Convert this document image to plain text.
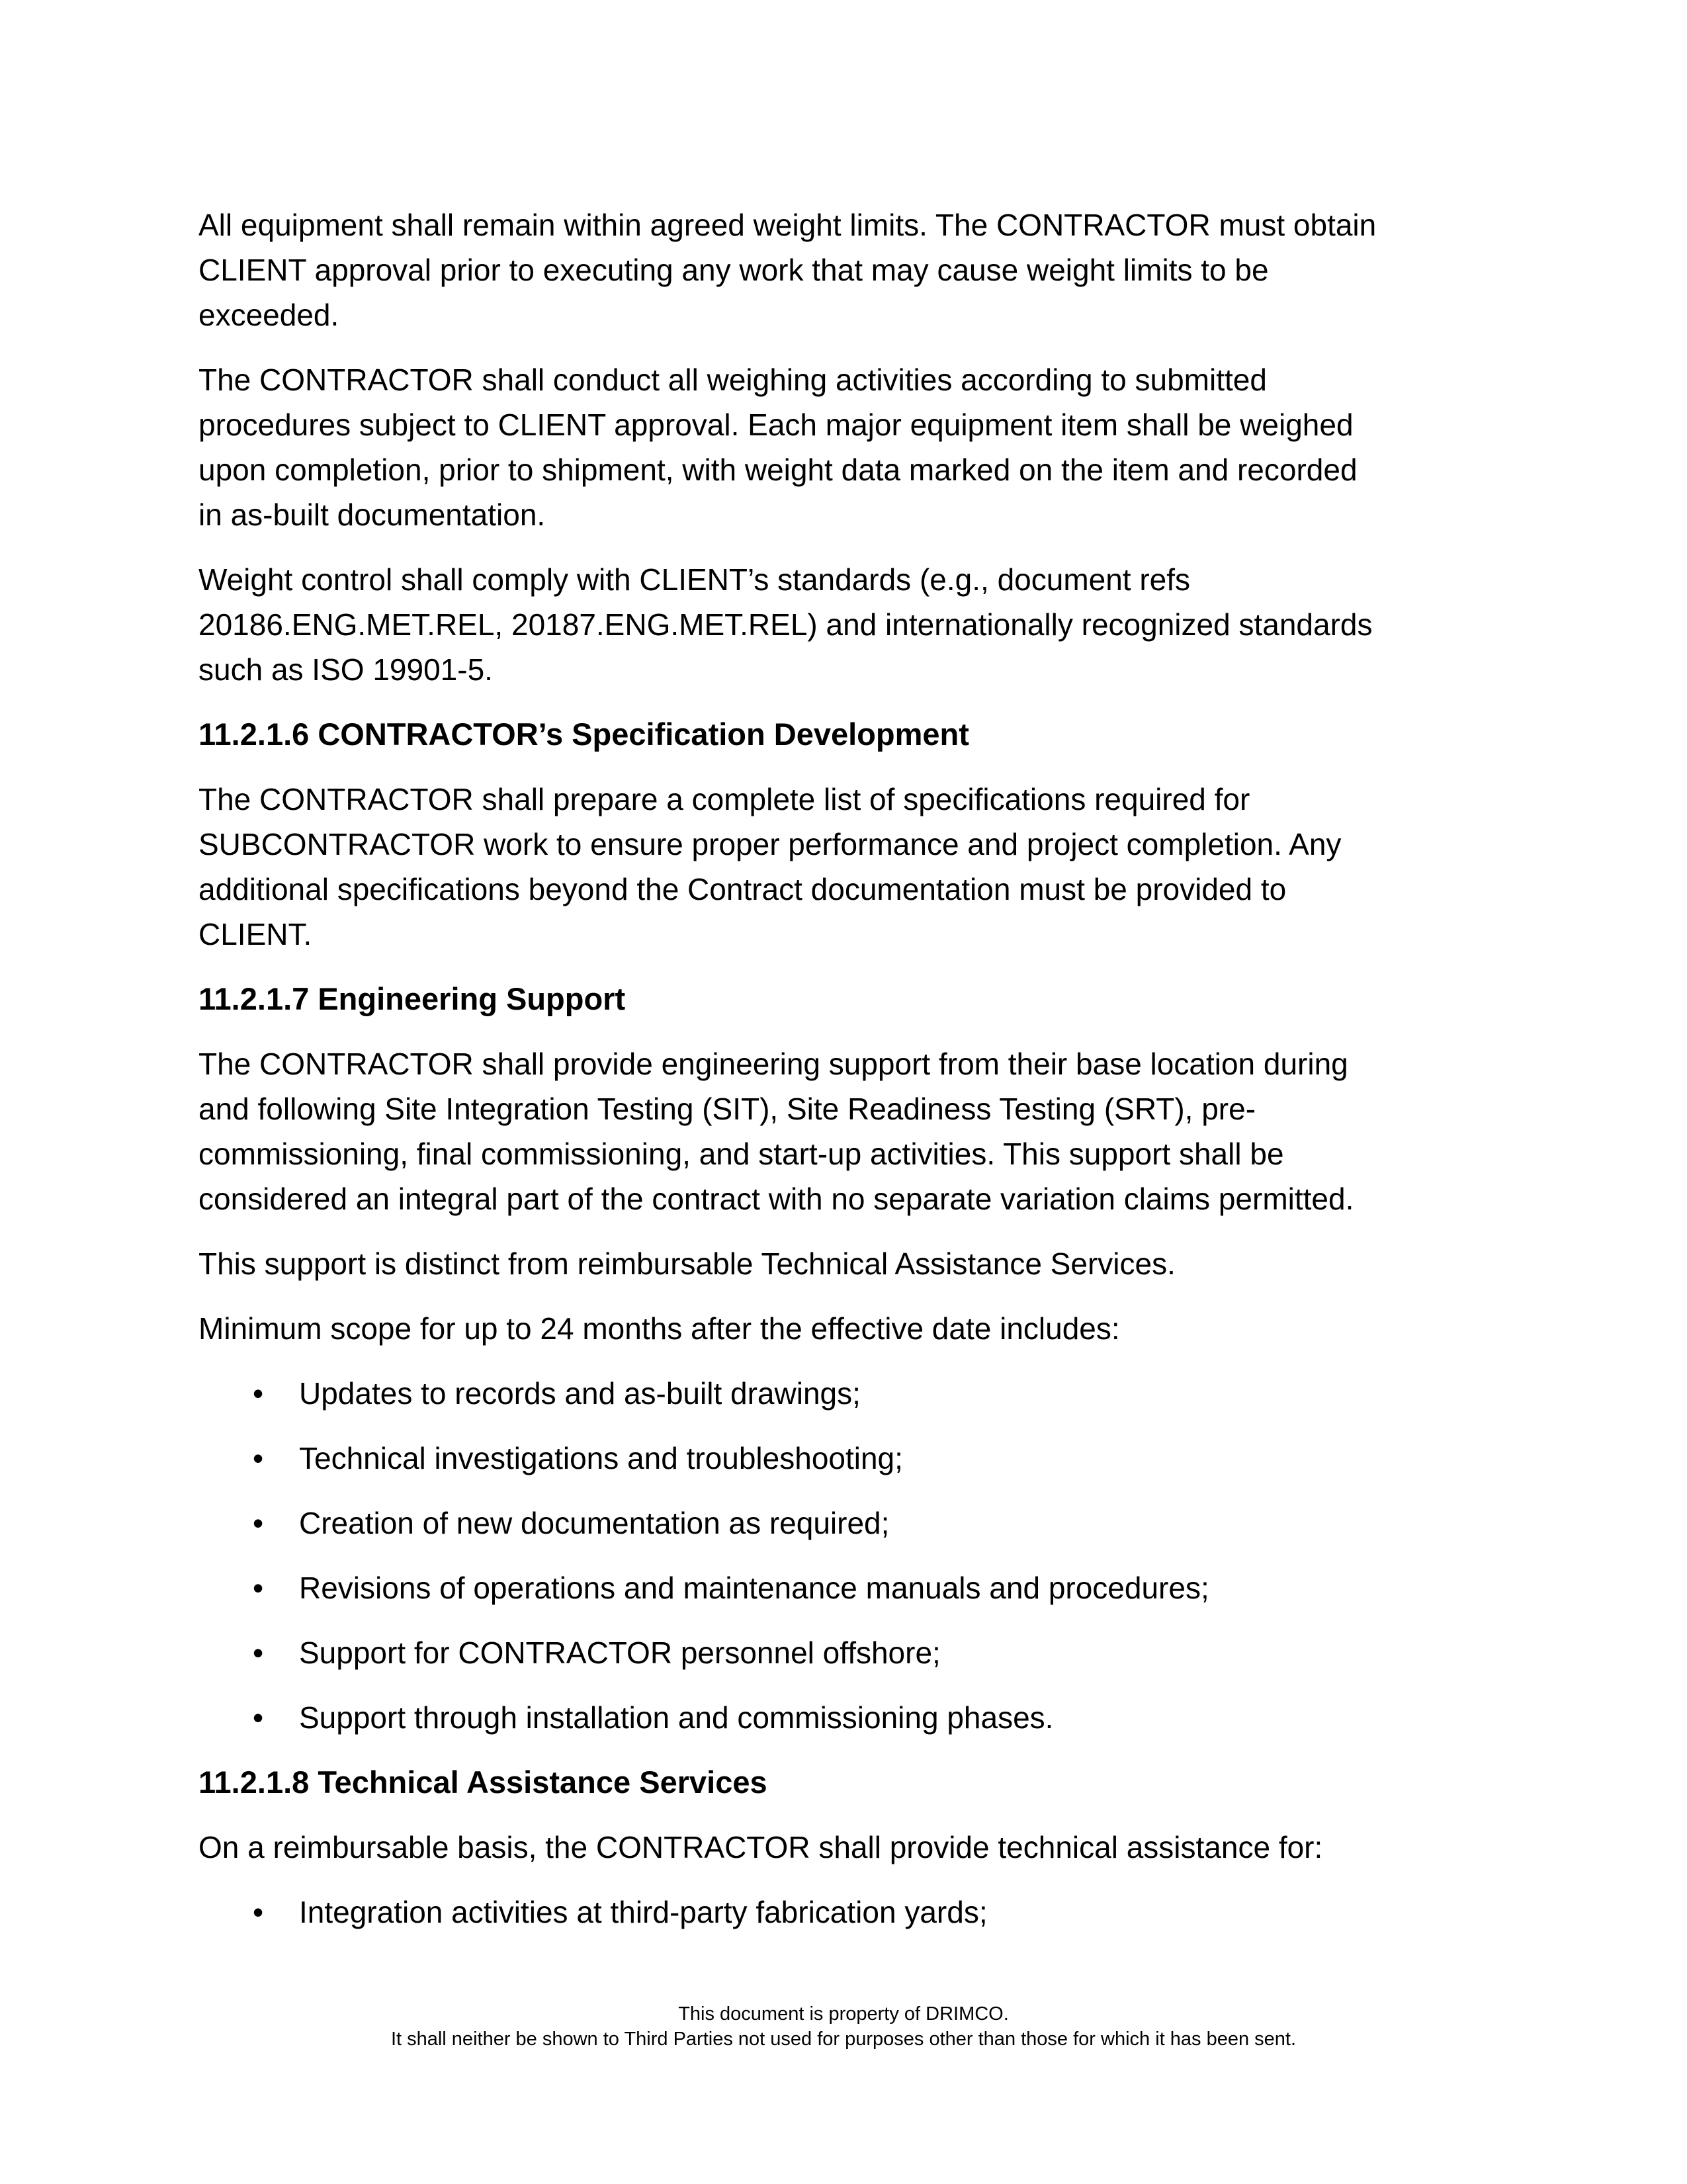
All equipment shall remain within agreed weight limits. The CONTRACTOR must obtain
CLIENT approval prior to executing any work that may cause weight limits to be
exceeded.

The CONTRACTOR shall conduct all weighing activities according to submitted
procedures subject to CLIENT approval. Each major equipment item shall be weighed
upon completion, prior to shipment, with weight data marked on the item and recorded
in as-built documentation.

Weight control shall comply with CLIENT’s standards (e.g., document refs
20186.ENG.MET.REL, 20187.ENG.MET.REL) and internationally recognized standards
such as ISO 19901-5.

11.2.1.6 CONTRACTOR’s Specification Development

The CONTRACTOR shall prepare a complete list of specifications required for
SUBCONTRACTOR work to ensure proper performance and project completion. Any
additional specifications beyond the Contract documentation must be provided to
CLIENT.

11.2.1.7 Engineering Support

The CONTRACTOR shall provide engineering support from their base location during
and following Site Integration Testing (SIT), Site Readiness Testing (SRT), pre-
commissioning, final commissioning, and start-up activities. This support shall be
considered an integral part of the contract with no separate variation claims permitted.

This support is distinct from reimbursable Technical Assistance Services.

Minimum scope for up to 24 months after the effective date includes:

• Updates to records and as-built drawings;
• Technical investigations and troubleshooting;
• Creation of new documentation as required;
• Revisions of operations and maintenance manuals and procedures;
• Support for CONTRACTOR personnel offshore;
• Support through installation and commissioning phases.
11.2.1.8 Technical Assistance Services

On a reimbursable basis, the CONTRACTOR shall provide technical assistance for:

• Integration activities at third-party fabrication yards;
This document is property of DRIMCO.
It shall neither be shown to Third Parties not used for purposes other than those for which it has been sent.
